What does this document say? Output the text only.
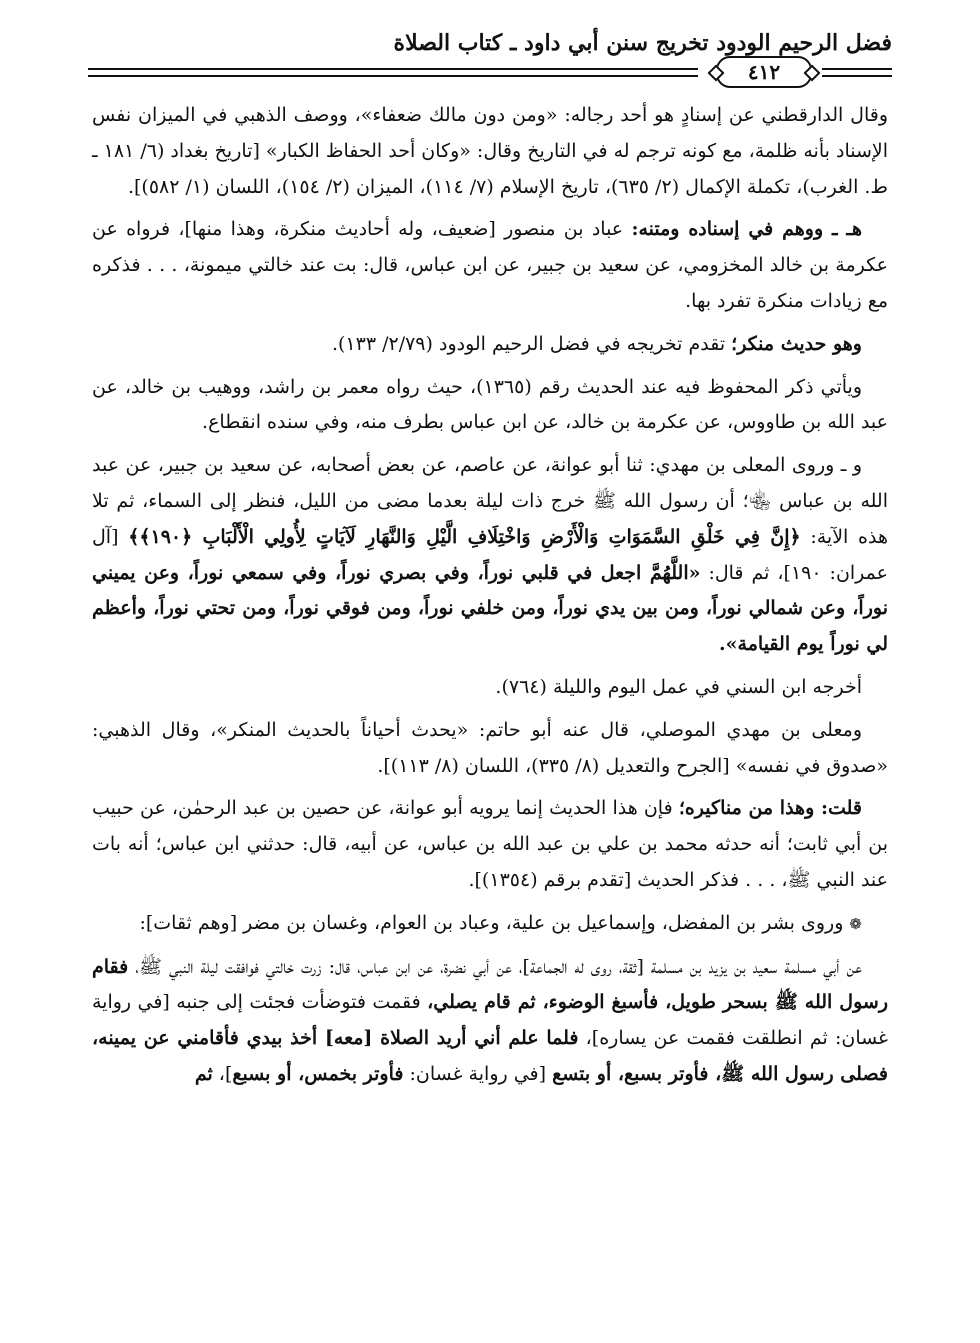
فضل الرحيم الودود تخريج سنن أبي داود ـ كتاب الصلاة
٤١٢

وقال الدارقطني عن إسنادٍ هو أحد رجاله: «ومن دون مالك ضعفاء»، ووصف الذهبي في الميزان نفس الإسناد بأنه ظلمة، مع كونه ترجم له في التاريخ وقال: «وكان أحد الحفاظ الكبار» [تاريخ بغداد (٦/ ١٨١ ـ ط. الغرب)، تكملة الإكمال (٢/ ٦٣٥)، تاريخ الإسلام (٧/ ١١٤)، الميزان (٢/ ١٥٤)، اللسان (١/ ٥٨٢)].

هـ ـ ووهم في إسناده ومتنه: عباد بن منصور [ضعيف، وله أحاديث منكرة، وهذا منها]، فرواه عن عكرمة بن خالد المخزومي، عن سعيد بن جبير، عن ابن عباس، قال: بت عند خالتي ميمونة، . . . فذكره مع زيادات منكرة تفرد بها.

وهو حديث منكر؛ تقدم تخريجه في فضل الرحيم الودود (٢/٧٩/ ١٣٣).

ويأتي ذكر المحفوظ فيه عند الحديث رقم (١٣٦٥)، حيث رواه معمر بن راشد، ووهيب بن خالد، عن عبد الله بن طاووس، عن عكرمة بن خالد، عن ابن عباس بطرف منه، وفي سنده انقطاع.

و ـ وروى المعلى بن مهدي: ثنا أبو عوانة، عن عاصم، عن بعض أصحابه، عن سعيد بن جبير، عن عبد الله بن عباس ﵄؛ أن رسول الله ﷺ خرج ذات ليلة بعدما مضى من الليل، فنظر إلى السماء، ثم تلا هذه الآية: ﴿إِنَّ فِي خَلْقِ السَّمَوَاتِ وَالْأَرْضِ وَاخْتِلَافِ الَّيْلِ وَالنَّهَارِ لَآيَاتٍ لِأُولِي الْأَلْبَابِ ﴿١٩٠﴾﴾ [آل عمران: ١٩٠]، ثم قال: «اللَّهُمَّ اجعل في قلبي نوراً، وفي بصري نوراً، وفي سمعي نوراً، وعن يميني نوراً، وعن شمالي نوراً، ومن بين يدي نوراً، ومن خلفي نوراً، ومن فوقي نوراً، ومن تحتي نوراً، وأعظم لي نوراً يوم القيامة».

أخرجه ابن السني في عمل اليوم والليلة (٧٦٤).

ومعلى بن مهدي الموصلي، قال عنه أبو حاتم: «يحدث أحياناً بالحديث المنكر»، وقال الذهبي: «صدوق في نفسه» [الجرح والتعديل (٨/ ٣٣٥)، اللسان (٨/ ١١٣)].

قلت: وهذا من مناكيره؛ فإن هذا الحديث إنما يرويه أبو عوانة، عن حصين بن عبد الرحمٰن، عن حبيب بن أبي ثابت؛ أنه حدثه محمد بن علي بن عبد الله بن عباس، عن أبيه، قال: حدثني ابن عباس؛ أنه بات عند النبي ﷺ، . . . فذكر الحديث [تقدم برقم (١٣٥٤)].

❁ وروى بشر بن المفضل، وإسماعيل بن علية، وعباد بن العوام، وغسان بن مضر [وهم ثقات]:

عن أبي مسلمة سعيد بن يزيد بن مسلمة [ثقة، روى له الجماعة]، عن أبي نضرة، عن ابن عباس، قال: زرت خالتي فوافقت ليلة النبي ﷺ، فقام رسول الله ﷺ بسحر طويل، فأسبغ الوضوء، ثم قام يصلي، فقمت فتوضأت فجئت إلى جنبه [في رواية غسان: ثم انطلقت فقمت عن يساره]، فلما علم أني أريد الصلاة [معه] أخذ بيدي فأقامني عن يمينه، فصلى رسول الله ﷺ، فأوتر بسبع، أو بتسع [في رواية غسان: فأوتر بخمس، أو بسبع]، ثم
